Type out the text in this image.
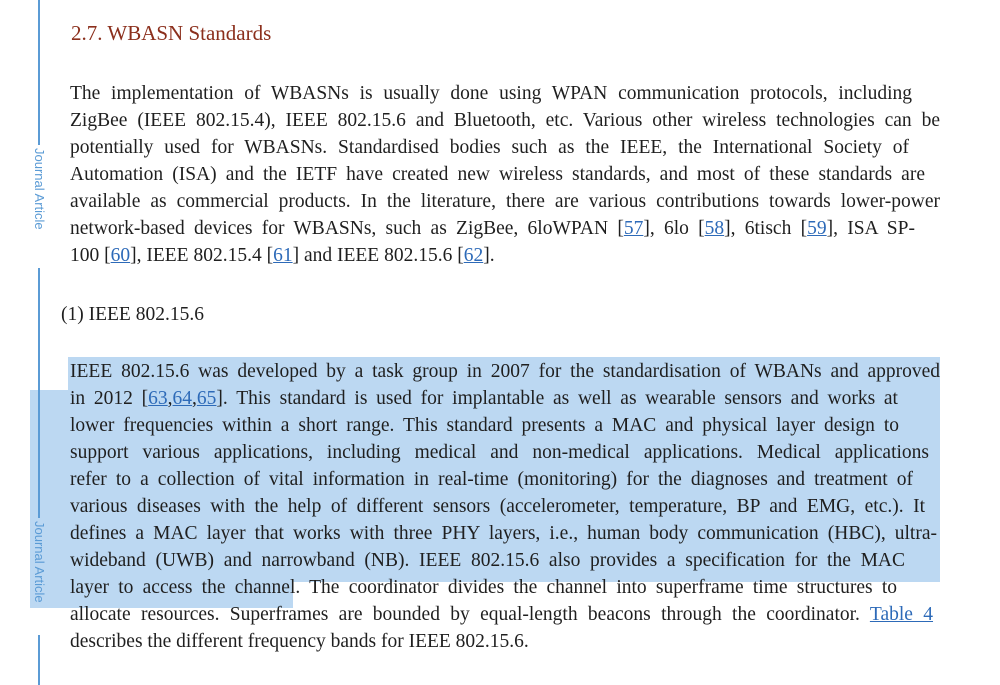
Journal Article
Journal Article
2.7. WBASN Standards

The implementation of WBASNs is usually done using WPAN communication protocols, including

ZigBee (IEEE 802.15.4), IEEE 802.15.6 and Bluetooth, etc. Various other wireless technologies can be

potentially used for WBASNs. Standardised bodies such as the IEEE, the International Society of

Automation (ISA) and the IETF have created new wireless standards, and most of these standards are

available as commercial products. In the literature, there are various contributions towards lower-power

network-based devices for WBASNs, such as ZigBee, 6loWPAN [57], 6lo [58], 6tisch [59], ISA SP-

100 [60], IEEE 802.15.4 [61] and IEEE 802.15.6 [62].

(1) IEEE 802.15.6

IEEE 802.15.6 was developed by a task group in 2007 for the standardisation of WBANs and approved

in 2012 [63,64,65]. This standard is used for implantable as well as wearable sensors and works at

lower frequencies within a short range. This standard presents a MAC and physical layer design to

support various applications, including medical and non-medical applications. Medical applications

refer to a collection of vital information in real-time (monitoring) for the diagnoses and treatment of

various diseases with the help of different sensors (accelerometer, temperature, BP and EMG, etc.). It

defines a MAC layer that works with three PHY layers, i.e., human body communication (HBC), ultra-

wideband (UWB) and narrowband (NB). IEEE 802.15.6 also provides a specification for the MAC

layer to access the channel. The coordinator divides the channel into superframe time structures to

allocate resources. Superframes are bounded by equal-length beacons through the coordinator. Table 4

describes the different frequency bands for IEEE 802.15.6.
